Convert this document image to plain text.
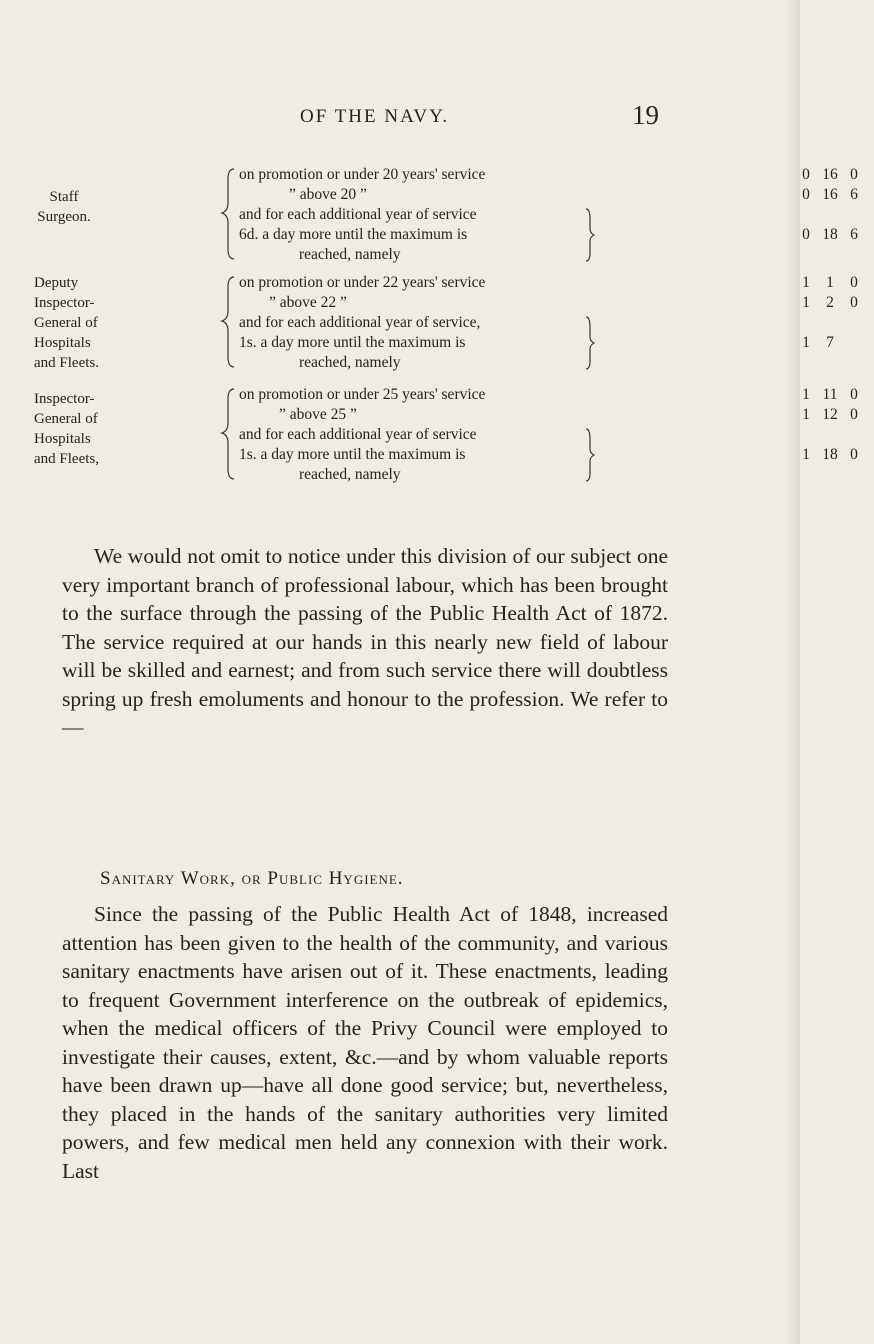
OF THE NAVY.	19
Staff
Surgeon.
on promotion or under 20 years' service	0 16 0
” above 20 ”	0 16 6
and for each additional year of service
6d. a day more until the maximum is	0 18 6
reached, namely
Deputy
Inspector-
General of
Hospitals
and Fleets.
on promotion or under 22 years' service	1 1 0
” above 22 ”	1 2 0
and for each additional year of service,
1s. a day more until the maximum is	1 7
reached, namely
Inspector-
General of
Hospitals
and Fleets,
on promotion or under 25 years' service	1 11 0
” above 25 ”	1 12 0
and for each additional year of service
1s. a day more until the maximum is	1 18 0
reached, namely

We would not omit to notice under this division of our subject one very important branch of professional labour, which has been brought to the surface through the passing of the Public Health Act of 1872. The service required at our hands in this nearly new field of labour will be skilled and earnest; and from such service there will doubtless spring up fresh emoluments and honour to the profession. We refer to—

Sanitary Work, or Public Hygiene.

Since the passing of the Public Health Act of 1848, increased attention has been given to the health of the community, and various sanitary enactments have arisen out of it. These enactments, leading to frequent Government interference on the outbreak of epidemics, when the medical officers of the Privy Council were employed to investigate their causes, extent, &c.—and by whom valuable reports have been drawn up—have all done good service; but, nevertheless, they placed in the hands of the sanitary authorities very limited powers, and few medical men held any connexion with their work. Last
